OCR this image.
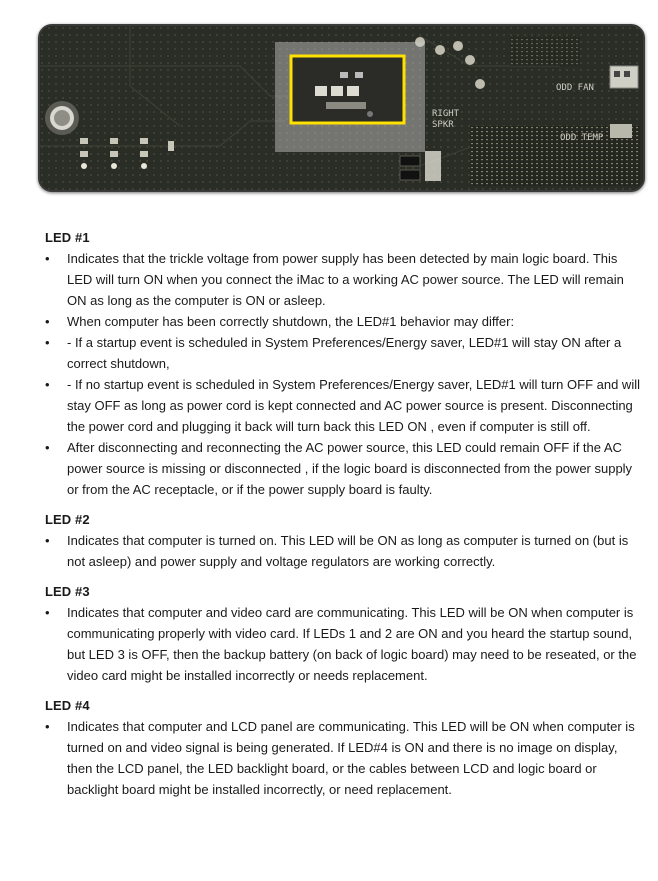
RIGHT SPKR
ODD FAN
ODD TEMP
LED #1
•	Indicates that the trickle voltage from power supply has been detected by main logic board. This LED will turn ON when you connect the iMac to a working AC power source. The LED will remain ON as long as the computer is ON or asleep.
•	When computer has been correctly shutdown, the LED#1 behavior may differ:
•	- If a startup event is scheduled in System Preferences/Energy saver, LED#1 will stay ON after a correct shutdown,
•	- If no startup event is scheduled in System Preferences/Energy saver, LED#1 will turn OFF and will stay OFF as long as power cord is kept connected and AC power source is present. Disconnecting the power cord and plugging it back will turn back this LED ON , even if computer is still off.
•	After disconnecting and reconnecting the AC power source, this LED could remain OFF if the AC power source is missing or disconnected , if the logic board is disconnected from the power supply or from the AC receptacle, or if the power supply board is faulty.
LED #2
•	Indicates that computer is turned on. This LED will be ON as long as computer is turned on (but is not asleep) and power supply and voltage regulators are working correctly.
LED #3
•	Indicates that computer and video card are communicating. This LED will be ON when computer is communicating properly with video card. If LEDs 1 and 2 are ON and you heard the startup sound, but LED 3 is OFF, then the backup battery (on back of logic board) may need to be reseated, or the video card might be installed incorrectly or needs replacement.
LED #4
•	Indicates that computer and LCD panel are communicating. This LED will be ON when computer is turned on and video signal is being generated. If LED#4 is ON and there is no image on display, then the LCD panel, the LED backlight board, or the cables between LCD and logic board or backlight board might be installed incorrectly, or need replacement.
